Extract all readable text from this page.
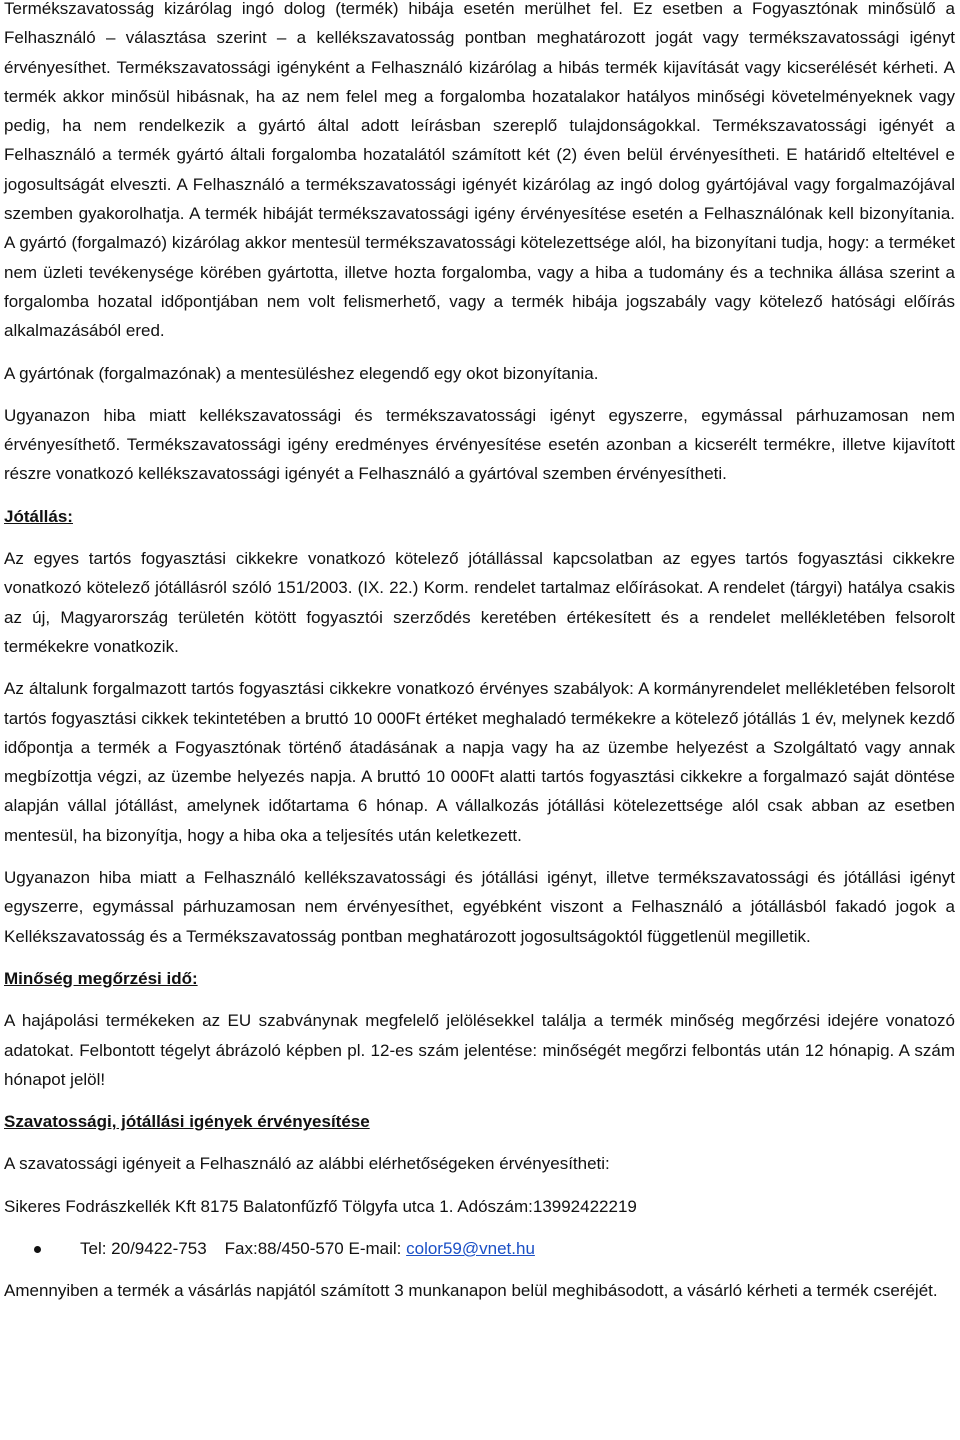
Termékszavatosság kizárólag ingó dolog (termék) hibája esetén merülhet fel. Ez esetben a Fogyasztónak minősülő a Felhasználó – választása szerint – a kellékszavatosság pontban meghatározott jogát vagy termékszavatossági igényt érvényesíthet. Termékszavatossági igényként a Felhasználó kizárólag a hibás termék kijavítását vagy kicserélését kérheti. A termék akkor minősül hibásnak, ha az nem felel meg a forgalomba hozatalakor hatályos minőségi követelményeknek vagy pedig, ha nem rendelkezik a gyártó által adott leírásban szereplő tulajdonságokkal. Termékszavatossági igényét a Felhasználó a termék gyártó általi forgalomba hozatalától számított két (2) éven belül érvényesítheti. E határidő elteltével e jogosultságát elveszti. A Felhasználó a termékszavatossági igényét kizárólag az ingó dolog gyártójával vagy forgalmazójával szemben gyakorolhatja. A termék hibáját termékszavatossági igény érvényesítése esetén a Felhasználónak kell bizonyítania. A gyártó (forgalmazó) kizárólag akkor mentesül termékszavatossági kötelezettsége alól, ha bizonyítani tudja, hogy: a terméket nem üzleti tevékenysége körében gyártotta, illetve hozta forgalomba, vagy a hiba a tudomány és a technika állása szerint a forgalomba hozatal időpontjában nem volt felismerhető, vagy a termék hibája jogszabály vagy kötelező hatósági előírás alkalmazásából ered.

A gyártónak (forgalmazónak) a mentesüléshez elegendő egy okot bizonyítania.

Ugyanazon hiba miatt kellékszavatossági és termékszavatossági igényt egyszerre, egymással párhuzamosan nem érvényesíthető. Termékszavatossági igény eredményes érvényesítése esetén azonban a kicserélt termékre, illetve kijavított részre vonatkozó kellékszavatossági igényét a Felhasználó a gyártóval szemben érvényesítheti.

Jótállás:

Az egyes tartós fogyasztási cikkekre vonatkozó kötelező jótállással kapcsolatban az egyes tartós fogyasztási cikkekre vonatkozó kötelező jótállásról szóló 151/2003. (IX. 22.) Korm. rendelet tartalmaz előírásokat. A rendelet (tárgyi) hatálya csakis az új, Magyarország területén kötött fogyasztói szerződés keretében értékesített és a rendelet mellékletében felsorolt termékekre vonatkozik.

Az általunk forgalmazott tartós fogyasztási cikkekre vonatkozó érvényes szabályok: A kormányrendelet mellékletében felsorolt tartós fogyasztási cikkek tekintetében a bruttó 10 000Ft értéket meghaladó termékekre a kötelező jótállás 1 év, melynek kezdő időpontja a termék a Fogyasztónak történő átadásának a napja vagy ha az üzembe helyezést a Szolgáltató vagy annak megbízottja végzi, az üzembe helyezés napja. A bruttó 10 000Ft alatti tartós fogyasztási cikkekre a forgalmazó saját döntése alapján vállal jótállást, amelynek időtartama 6 hónap. A vállalkozás jótállási kötelezettsége alól csak abban az esetben mentesül, ha bizonyítja, hogy a hiba oka a teljesítés után keletkezett.

Ugyanazon hiba miatt a Felhasználó kellékszavatossági és jótállási igényt, illetve termékszavatossági és jótállási igényt egyszerre, egymással párhuzamosan nem érvényesíthet, egyébként viszont a Felhasználó a jótállásból fakadó jogok a Kellékszavatosság és a Termékszavatosság pontban meghatározott jogosultságoktól függetlenül megilletik.

Minőség megőrzési idő:

A hajápolási termékeken az EU szabványnak megfelelő jelölésekkel találja a termék minőség megőrzési idejére vonatozó adatokat. Felbontott tégelyt ábrázoló képben pl. 12-es szám jelentése: minőségét megőrzi felbontás után 12 hónapig. A szám hónapot jelöl!

Szavatossági, jótállási igények érvényesítése

A szavatossági igényeit a Felhasználó az alábbi elérhetőségeken érvényesítheti:

Sikeres Fodrászkellék Kft 8175 Balatonfűzfő Tölgyfa utca 1. Adószám:13992422219

Tel: 20/9422-753 Fax:88/450-570 E-mail: color59@vnet.hu

Amennyiben a termék a vásárlás napjától számított 3 munkanapon belül meghibásodott, a vásárló kérheti a termék cseréjét.
